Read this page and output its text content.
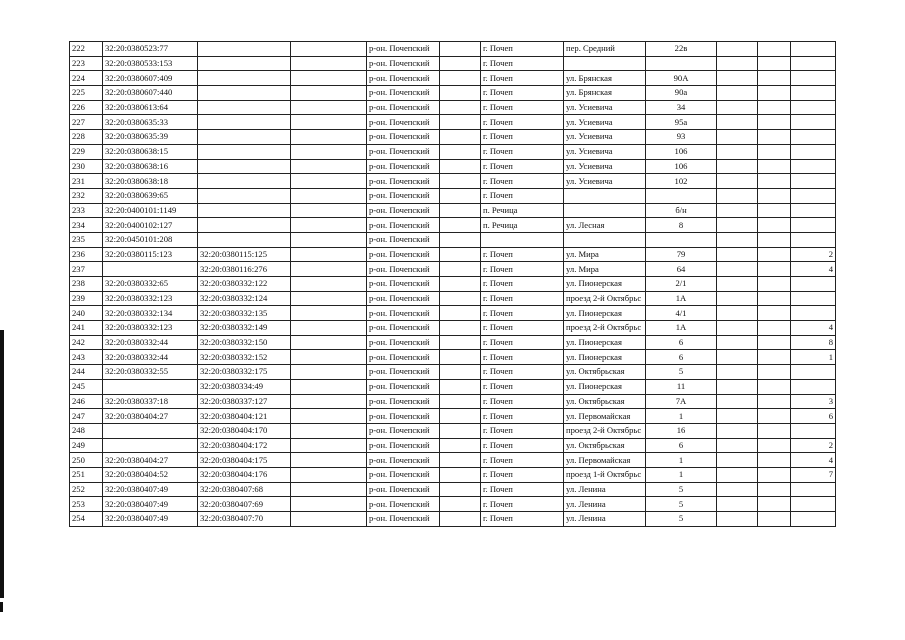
222	32:20:0380523:77			р-он. Почепский		г. Почеп	пер. Средний	22в			
223	32:20:0380533:153			р-он. Почепский		г. Почеп					
224	32:20:0380607:409			р-он. Почепский		г. Почеп	ул. Брянская	90А			
225	32:20:0380607:440			р-он. Почепский		г. Почеп	ул. Брянская	90а			
226	32:20:0380613:64			р-он. Почепский		г. Почеп	ул. Усиевича	34			
227	32:20:0380635:33			р-он. Почепский		г. Почеп	ул. Усиевича	95а			
228	32:20:0380635:39			р-он. Почепский		г. Почеп	ул. Усиевича	93			
229	32:20:0380638:15			р-он. Почепский		г. Почеп	ул. Усиевича	106			
230	32:20:0380638:16			р-он. Почепский		г. Почеп	ул. Усиевича	106			
231	32:20:0380638:18			р-он. Почепский		г. Почеп	ул. Усиевича	102			
232	32:20:0380639:65			р-он. Почепский		г. Почеп					
233	32:20:0400101:1149			р-он. Почепский		п. Речица		б/н			
234	32:20:0400102:127			р-он. Почепский		п. Речица	ул. Лесная	8			
235	32:20:0450101:208			р-он. Почепский							
236	32:20:0380115:123	32:20:0380115:125		р-он. Почепский		г. Почеп	ул. Мира	79			2
237		32:20:0380116:276		р-он. Почепский		г. Почеп	ул. Мира	64			4
238	32:20:0380332:65	32:20:0380332:122		р-он. Почепский		г. Почеп	ул. Пионерская	2/1			
239	32:20:0380332:123	32:20:0380332:124		р-он. Почепский		г. Почеп	проезд 2-й Октябрьс	1А			
240	32:20:0380332:134	32:20:0380332:135		р-он. Почепский		г. Почеп	ул. Пионерская	4/1			
241	32:20:0380332:123	32:20:0380332:149		р-он. Почепский		г. Почеп	проезд 2-й Октябрьс	1А			4
242	32:20:0380332:44	32:20:0380332:150		р-он. Почепский		г. Почеп	ул. Пионерская	6			8
243	32:20:0380332:44	32:20:0380332:152		р-он. Почепский		г. Почеп	ул. Пионерская	6			1
244	32:20:0380332:55	32:20:0380332:175		р-он. Почепский		г. Почеп	ул. Октябрьская	5			
245		32:20:0380334:49		р-он. Почепский		г. Почеп	ул. Пионерская	11			
246	32:20:0380337:18	32:20:0380337:127		р-он. Почепский		г. Почеп	ул. Октябрьская	7А			3
247	32:20:0380404:27	32:20:0380404:121		р-он. Почепский		г. Почеп	ул. Первомайская	1			6
248		32:20:0380404:170		р-он. Почепский		г. Почеп	проезд 2-й Октябрьс	16			
249		32:20:0380404:172		р-он. Почепский		г. Почеп	ул. Октябрьская	6			2
250	32:20:0380404:27	32:20:0380404:175		р-он. Почепский		г. Почеп	ул. Первомайская	1			4
251	32:20:0380404:52	32:20:0380404:176		р-он. Почепский		г. Почеп	проезд 1-й Октябрьс	1			7
252	32:20:0380407:49	32:20:0380407:68		р-он. Почепский		г. Почеп	ул. Ленина	5			
253	32:20:0380407:49	32:20:0380407:69		р-он. Почепский		г. Почеп	ул. Ленина	5			
254	32:20:0380407:49	32:20:0380407:70		р-он. Почепский		г. Почеп	ул. Ленина	5			
